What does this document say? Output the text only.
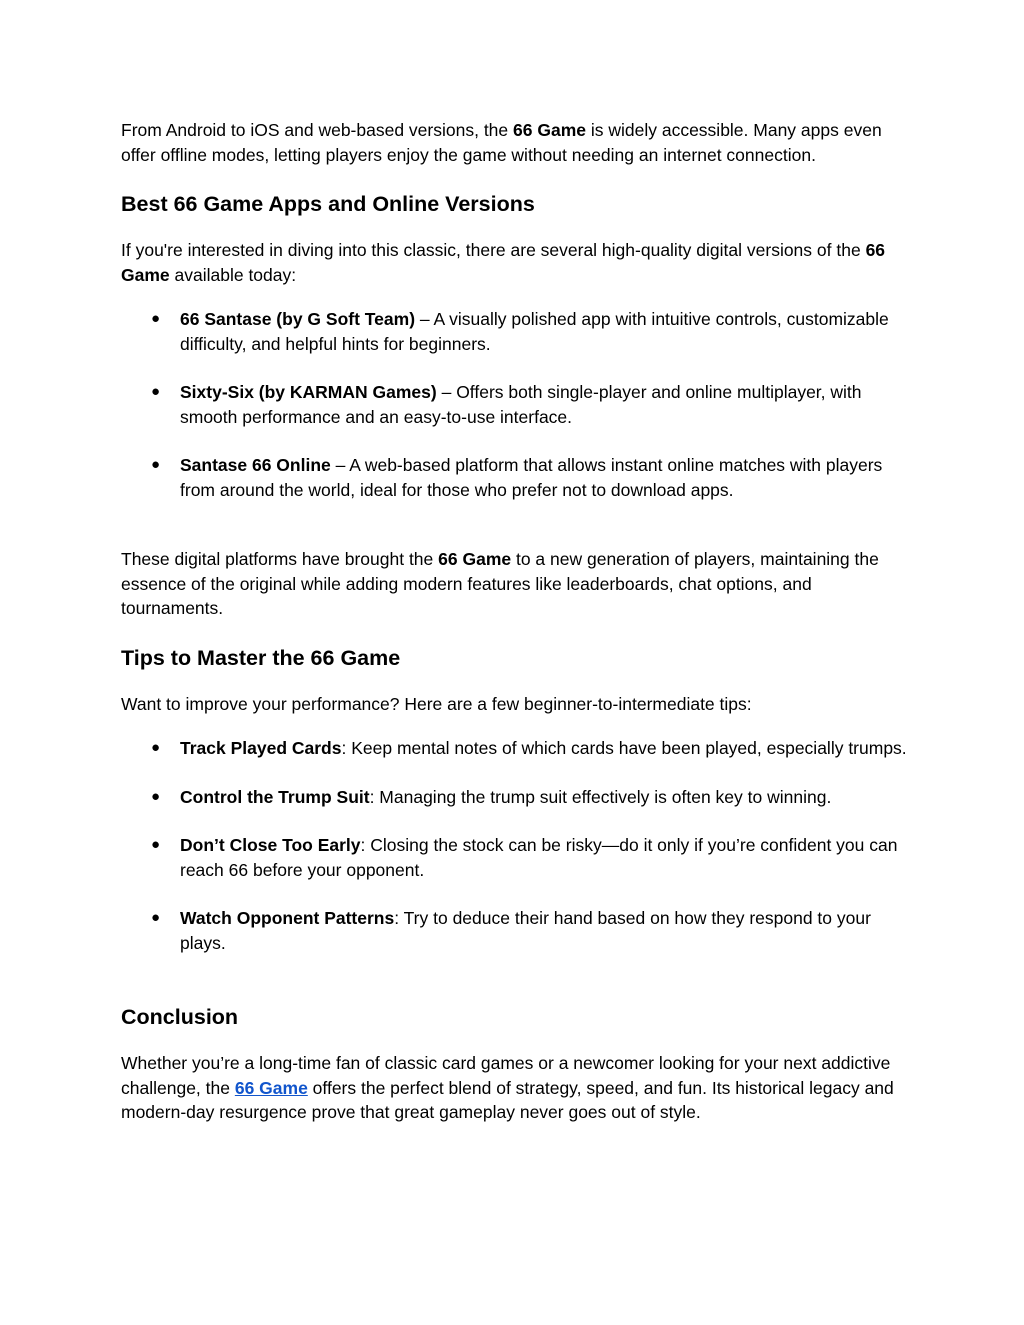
From Android to iOS and web-based versions, the 66 Game is widely accessible. Many apps even offer offline modes, letting players enjoy the game without needing an internet connection.

Best 66 Game Apps and Online Versions

If you're interested in diving into this classic, there are several high-quality digital versions of the 66 Game available today:

● 66 Santase (by G Soft Team) – A visually polished app with intuitive controls, customizable difficulty, and helpful hints for beginners.
● Sixty-Six (by KARMAN Games) – Offers both single-player and online multiplayer, with smooth performance and an easy-to-use interface.
● Santase 66 Online – A web-based platform that allows instant online matches with players from around the world, ideal for those who prefer not to download apps.

These digital platforms have brought the 66 Game to a new generation of players, maintaining the essence of the original while adding modern features like leaderboards, chat options, and tournaments.

Tips to Master the 66 Game

Want to improve your performance? Here are a few beginner-to-intermediate tips:

● Track Played Cards: Keep mental notes of which cards have been played, especially trumps.
● Control the Trump Suit: Managing the trump suit effectively is often key to winning.
● Don’t Close Too Early: Closing the stock can be risky—do it only if you’re confident you can reach 66 before your opponent.
● Watch Opponent Patterns: Try to deduce their hand based on how they respond to your plays.
Conclusion

Whether you’re a long-time fan of classic card games or a newcomer looking for your next addictive challenge, the 66 Game offers the perfect blend of strategy, speed, and fun. Its historical legacy and modern-day resurgence prove that great gameplay never goes out of style.
